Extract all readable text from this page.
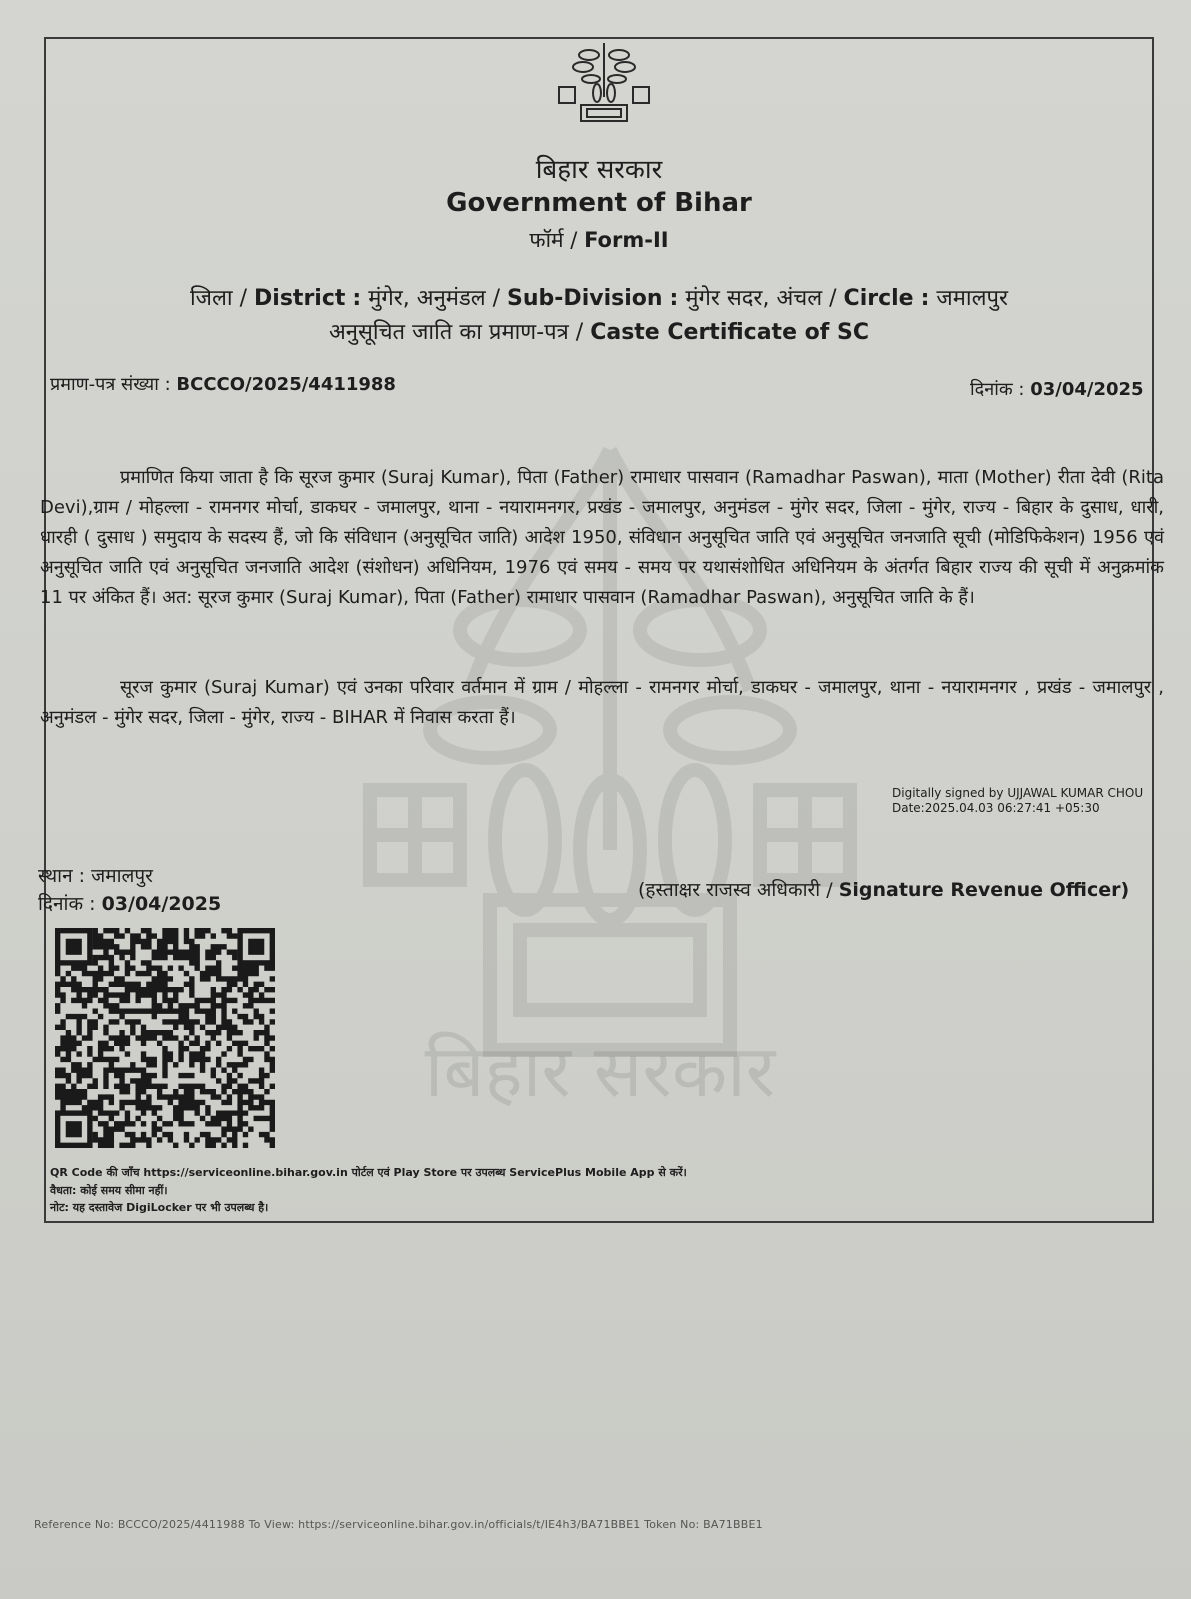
बिहार सरकार
बिहार सरकार
Government of Bihar
फॉर्म / Form-II
जिला / District : मुंगेर, अनुमंडल / Sub-Division : मुंगेर सदर, अंचल / Circle : जमालपुर
अनुसूचित जाति का प्रमाण-पत्र / Caste Certificate of SC
प्रमाण-पत्र संख्या : BCCCO/2025/4411988	दिनांक : 03/04/2025

प्रमाणित किया जाता है कि सूरज कुमार (Suraj Kumar), पिता (Father) रामाधार पासवान (Ramadhar Paswan), माता (Mother) रीता देवी (Rita Devi),ग्राम / मोहल्ला - रामनगर मोर्चा, डाकघर - जमालपुर, थाना - नयारामनगर, प्रखंड - जमालपुर, अनुमंडल - मुंगेर सदर, जिला - मुंगेर, राज्य - बिहार के दुसाध, धारी, धारही ( दुसाध ) समुदाय के सदस्य हैं, जो कि संविधान (अनुसूचित जाति) आदेश 1950, संविधान अनुसूचित जाति एवं अनुसूचित जनजाति सूची (मोडिफिकेशन) 1956 एवं अनुसूचित जाति एवं अनुसूचित जनजाति आदेश (संशोधन) अधिनियम, 1976 एवं समय - समय पर यथासंशोधित अधिनियम के अंतर्गत बिहार राज्य की सूची में अनुक्रमांक 11 पर अंकित हैं। अत: सूरज कुमार (Suraj Kumar), पिता (Father) रामाधार पासवान (Ramadhar Paswan), अनुसूचित जाति के हैं।

सूरज कुमार (Suraj Kumar) एवं उनका परिवार वर्तमान में ग्राम / मोहल्ला - रामनगर मोर्चा, डाकघर - जमालपुर, थाना - नयारामनगर , प्रखंड - जमालपुर , अनुमंडल - मुंगेर सदर, जिला - मुंगेर, राज्य - BIHAR में निवास करता हैं।

Digitally signed by UJJAWAL KUMAR CHOU
Date:2025.04.03 06:27:41 +05:30
स्थान : जमालपुर
दिनांक : 03/04/2025
(हस्ताक्षर राजस्व अधिकारी / Signature Revenue Officer)
QR Code की जाँच https://serviceonline.bihar.gov.in पोर्टल एवं Play Store पर उपलब्ध ServicePlus Mobile App से करें।
वैधता: कोई समय सीमा नहीं।
नोट: यह दस्तावेज DigiLocker पर भी उपलब्ध है।
Reference No: BCCCO/2025/4411988 To View: https://serviceonline.bihar.gov.in/officials/t/IE4h3/BA71BBE1 Token No: BA71BBE1
